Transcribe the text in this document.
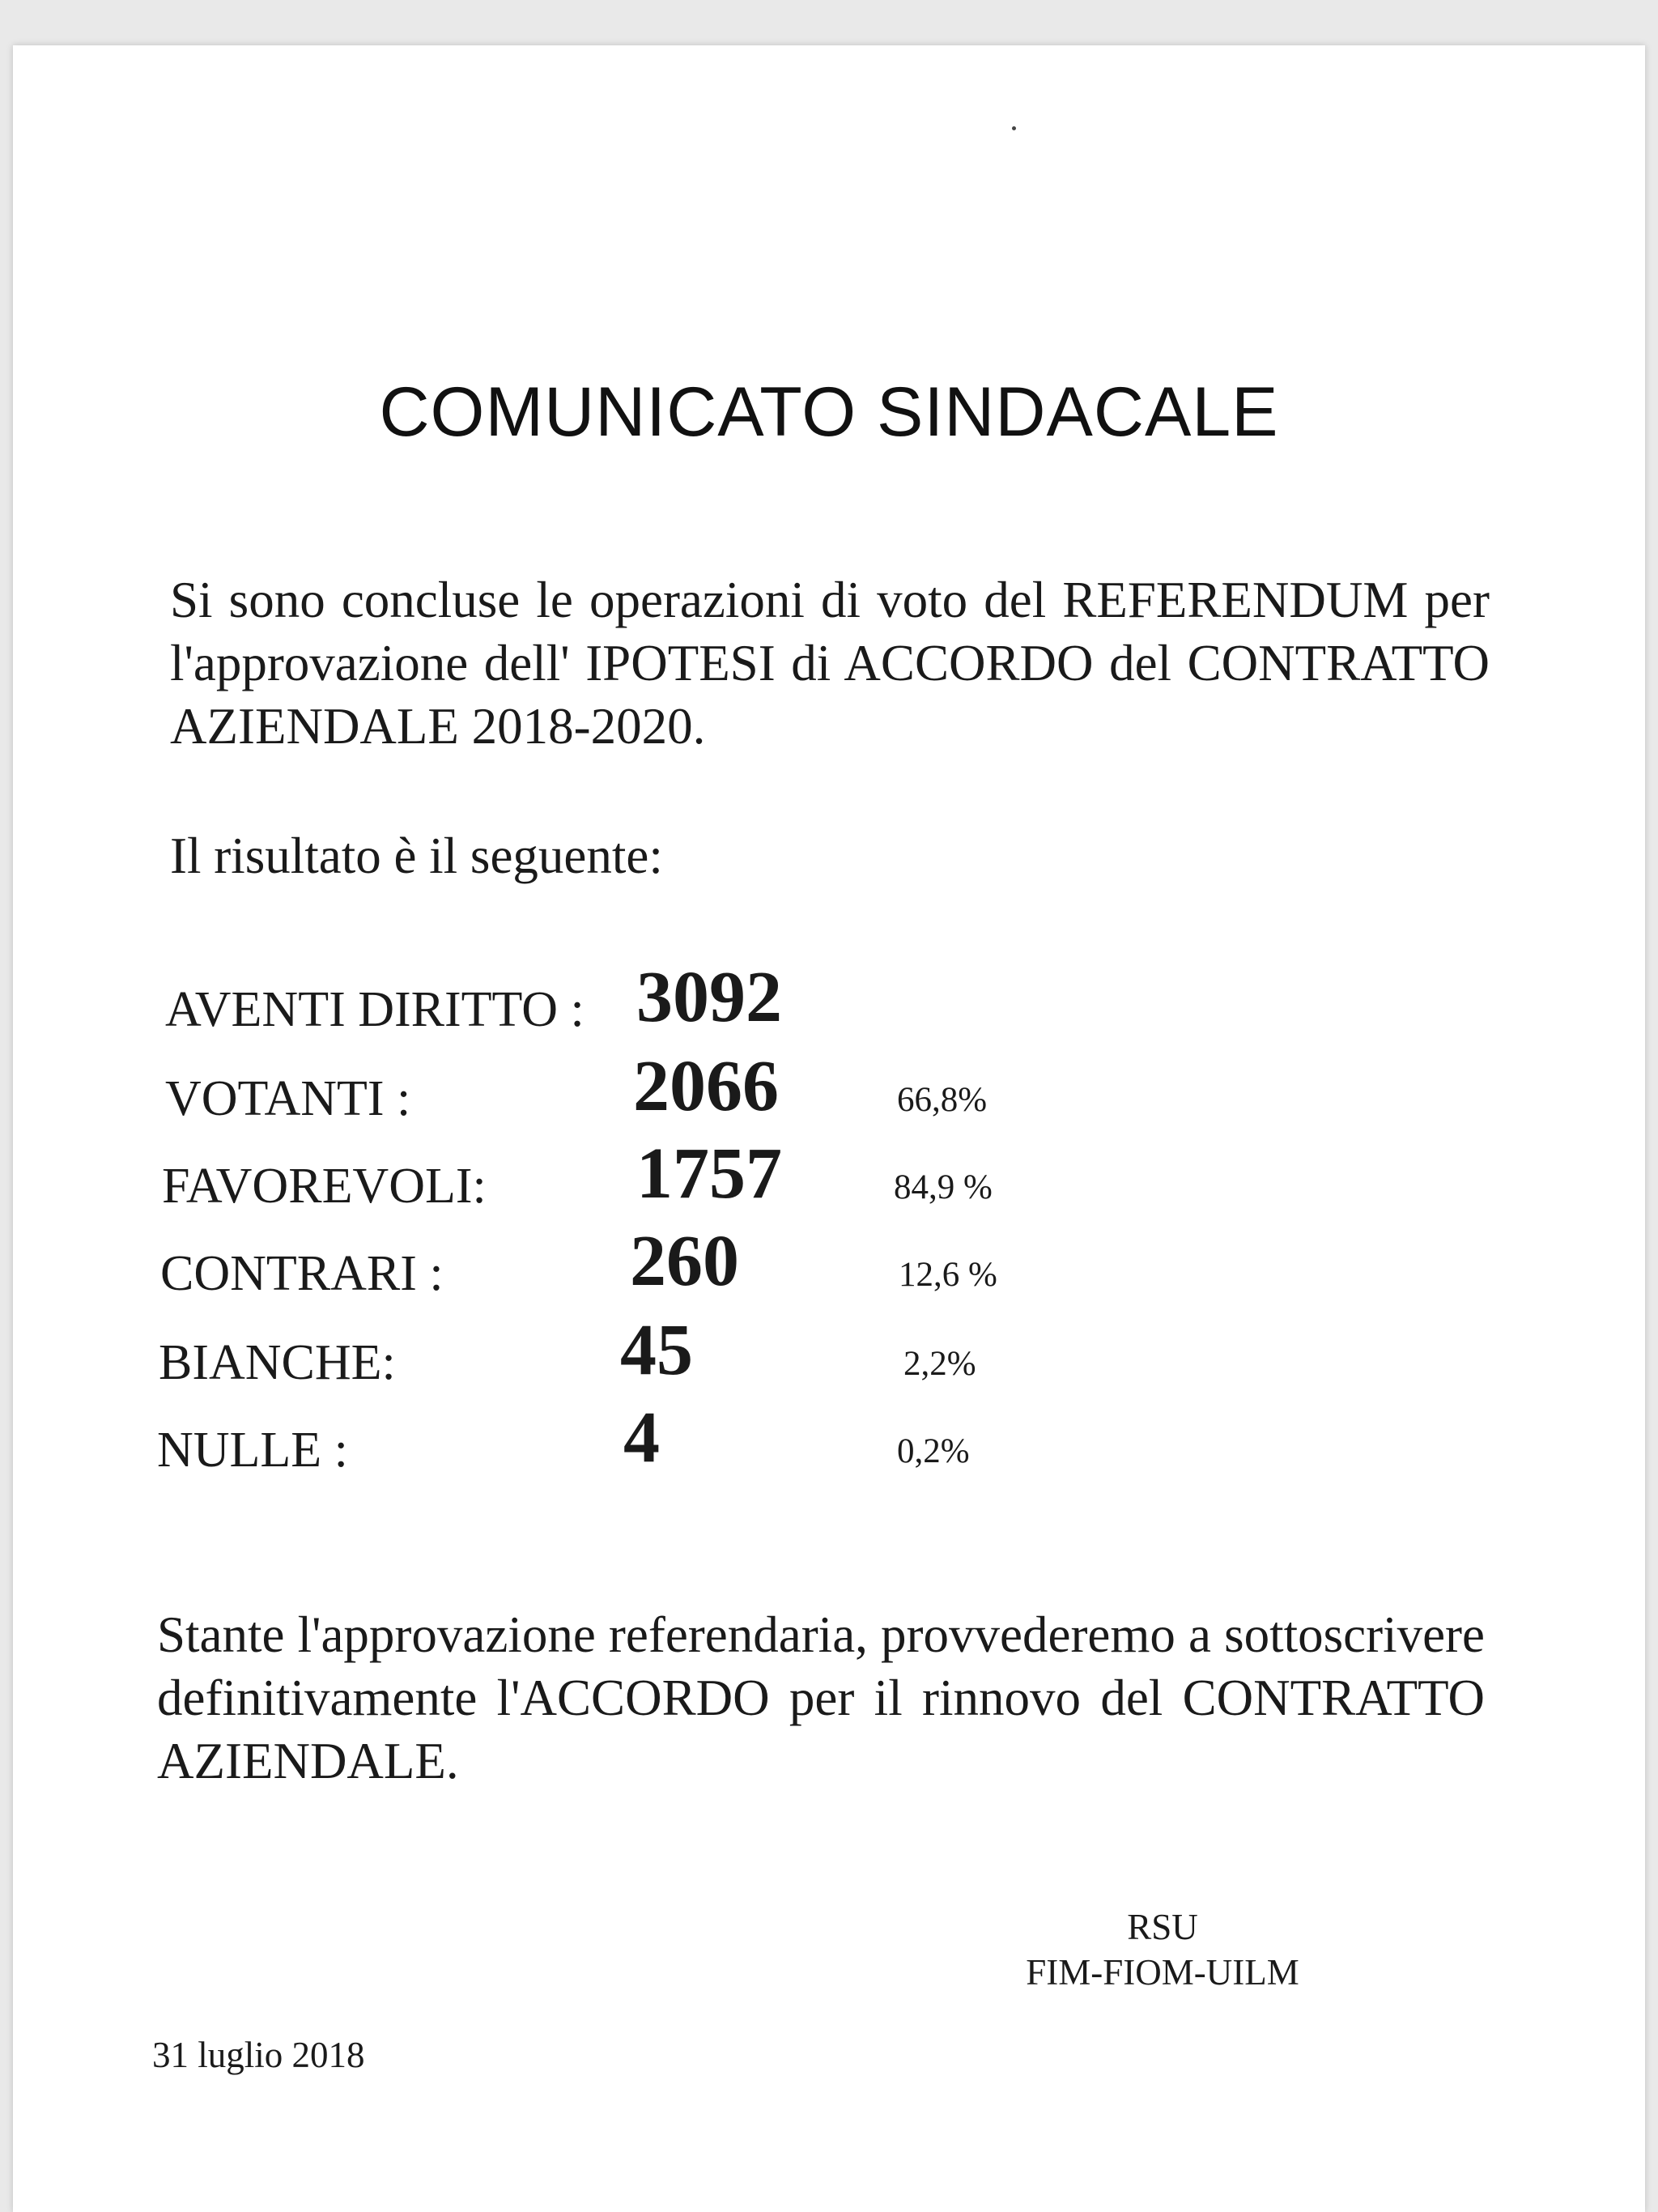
COMUNICATO SINDACALE

Si sono concluse le operazioni di voto del REFERENDUM per l'approvazione dell' IPOTESI di ACCORDO del CONTRATTO AZIENDALE 2018-2020.

Il risultato è il seguente:

AVENTI DIRITTO : 3092
VOTANTI :	2066	66,8%
FAVOREVOLI: 1757	84,9 %
CONTRARI :	260	12,6 %
BIANCHE:	45	2,2%
NULLE :	4	0,2%

Stante l'approvazione referendaria, provvederemo a sottoscrivere definitivamente l'ACCORDO per il rinnovo del CONTRATTO AZIENDALE.

RSU

FIM-FIOM-UILM

31 luglio 2018
